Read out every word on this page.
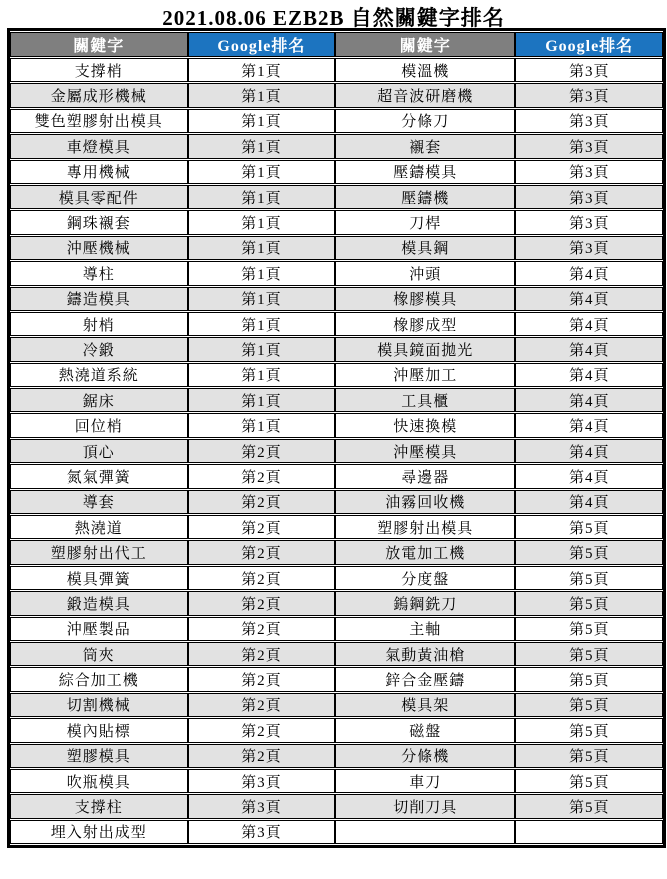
2021.08.06 EZB2B 自然關鍵字排名
關鍵字	Google排名	關鍵字	Google排名
支撐梢	第1頁	模溫機	第3頁
金屬成形機械	第1頁	超音波研磨機	第3頁
雙色塑膠射出模具	第1頁	分條刀	第3頁
車燈模具	第1頁	襯套	第3頁
專用機械	第1頁	壓鑄模具	第3頁
模具零配件	第1頁	壓鑄機	第3頁
鋼珠襯套	第1頁	刀桿	第3頁
沖壓機械	第1頁	模具鋼	第3頁
導柱	第1頁	沖頭	第4頁
鑄造模具	第1頁	橡膠模具	第4頁
射梢	第1頁	橡膠成型	第4頁
冷鍛	第1頁	模具鏡面拋光	第4頁
熱澆道系統	第1頁	沖壓加工	第4頁
鋸床	第1頁	工具櫃	第4頁
回位梢	第1頁	快速換模	第4頁
頂心	第2頁	沖壓模具	第4頁
氮氣彈簧	第2頁	尋邊器	第4頁
導套	第2頁	油霧回收機	第4頁
熱澆道	第2頁	塑膠射出模具	第5頁
塑膠射出代工	第2頁	放電加工機	第5頁
模具彈簧	第2頁	分度盤	第5頁
鍛造模具	第2頁	鎢鋼銑刀	第5頁
沖壓製品	第2頁	主軸	第5頁
筒夾	第2頁	氣動黃油槍	第5頁
綜合加工機	第2頁	鋅合金壓鑄	第5頁
切割機械	第2頁	模具架	第5頁
模內貼標	第2頁	磁盤	第5頁
塑膠模具	第2頁	分條機	第5頁
吹瓶模具	第3頁	車刀	第5頁
支撐柱	第3頁	切削刀具	第5頁
埋入射出成型	第3頁		
